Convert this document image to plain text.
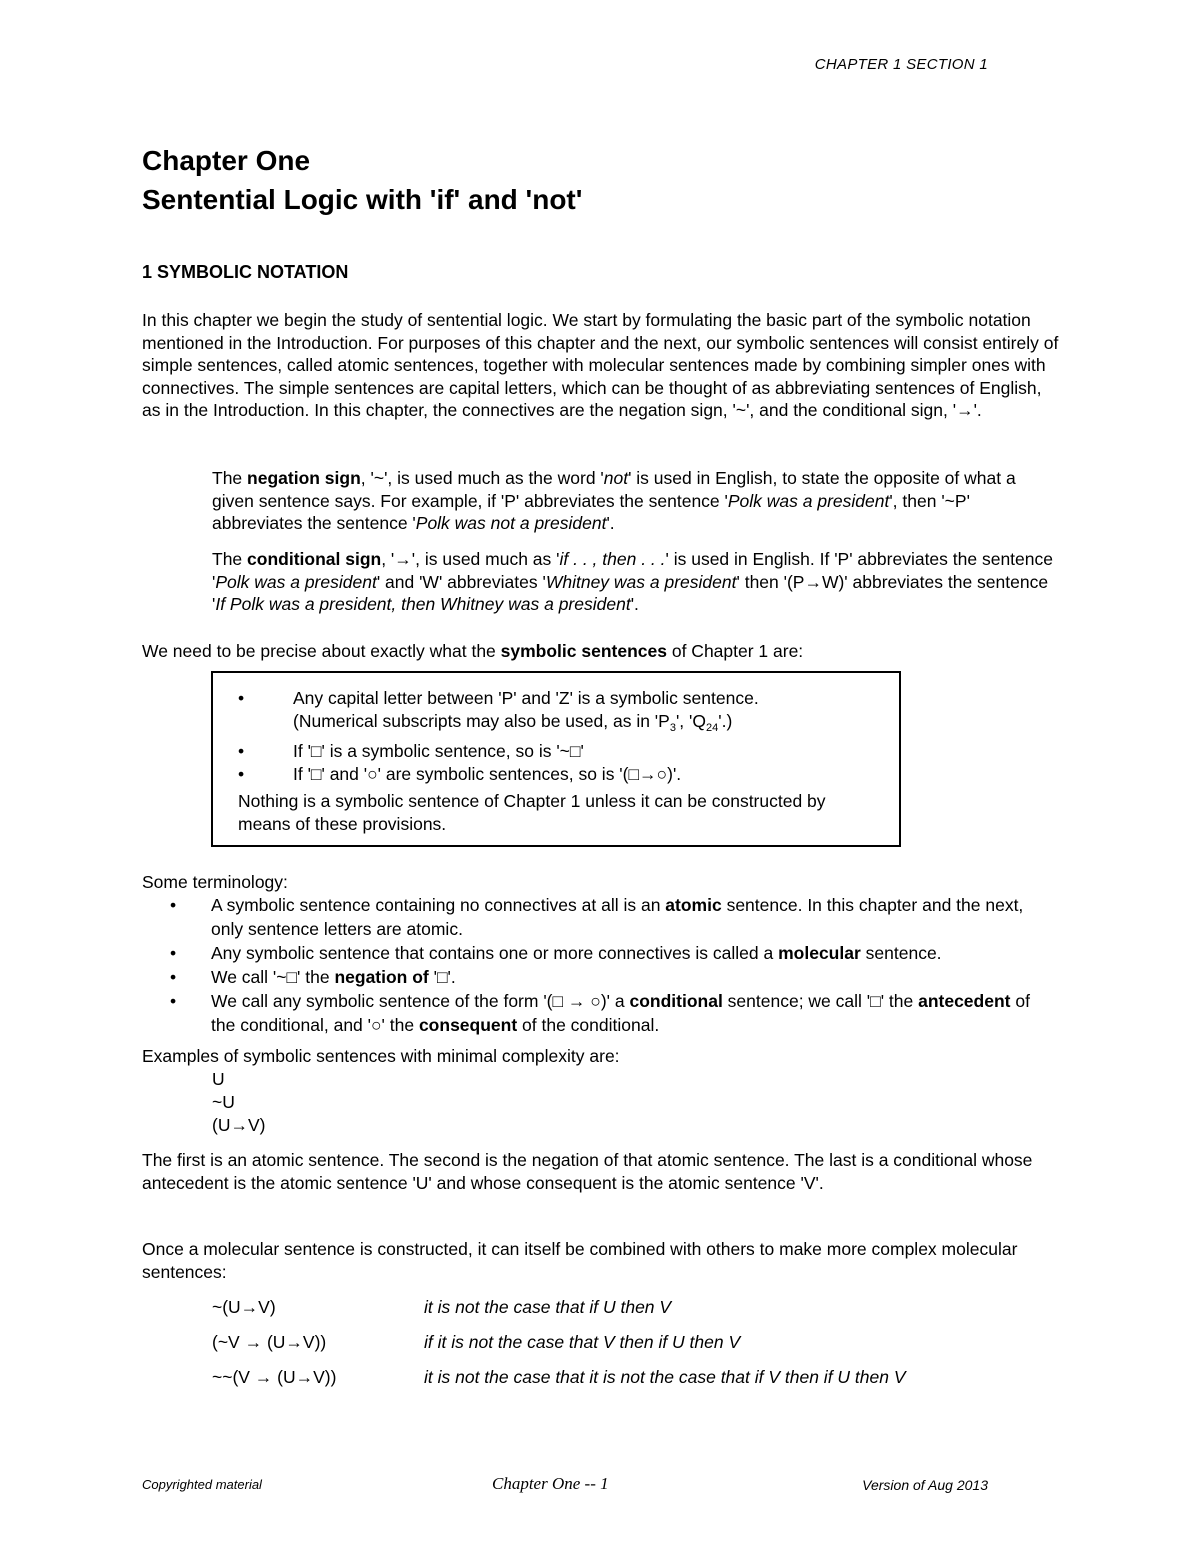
CHAPTER 1 SECTION 1
Chapter One
Sentential Logic with 'if' and 'not'
1 SYMBOLIC NOTATION
In this chapter we begin the study of sentential logic. We start by formulating the basic part of the symbolic notation mentioned in the Introduction. For purposes of this chapter and the next, our symbolic sentences will consist entirely of simple sentences, called atomic sentences, together with molecular sentences made by combining simpler ones with connectives. The simple sentences are capital letters, which can be thought of as abbreviating sentences of English, as in the Introduction. In this chapter, the connectives are the negation sign, '~', and the conditional sign, '→'.
The negation sign, '~', is used much as the word 'not' is used in English, to state the opposite of what a given sentence says. For example, if 'P' abbreviates the sentence 'Polk was a president', then '~P' abbreviates the sentence 'Polk was not a president'.
The conditional sign, '→', is used much as 'if . . , then . . .' is used in English. If 'P' abbreviates the sentence 'Polk was a president' and 'W' abbreviates 'Whitney was a president' then '(P→W)' abbreviates the sentence 'If Polk was a president, then Whitney was a president'.
We need to be precise about exactly what the symbolic sentences of Chapter 1 are:
•	Any capital letter between 'P' and 'Z' is a symbolic sentence.
(Numerical subscripts may also be used, as in '$P_3$', '$Q_{24}$'.)
•	If '□' is a symbolic sentence, so is '~□'
•	If '□' and '○' are symbolic sentences, so is '(□→○)'.
Nothing is a symbolic sentence of Chapter 1 unless it can be constructed by means of these provisions.
Some terminology:
•	A symbolic sentence containing no connectives at all is an atomic sentence. In this chapter and the next, only sentence letters are atomic.
•	Any symbolic sentence that contains one or more connectives is called a molecular sentence.
•	We call '~□' the negation of '□'.
•	We call any symbolic sentence of the form '(□ → ○)' a conditional sentence; we call '□' the antecedent of the conditional, and '○' the consequent of the conditional.
Examples of symbolic sentences with minimal complexity are:
U
~U
(U→V)
The first is an atomic sentence. The second is the negation of that atomic sentence. The last is a conditional whose antecedent is the atomic sentence 'U' and whose consequent is the atomic sentence 'V'.
Once a molecular sentence is constructed, it can itself be combined with others to make more complex molecular sentences:
~(U→V)	it is not the case that if U then V
(~V → (U→V))	if it is not the case that V then if U then V
~~(V → (U→V))	it is not the case that it is not the case that if V then if U then V
Copyrighted material	Chapter One -- 1	Version of Aug 2013
